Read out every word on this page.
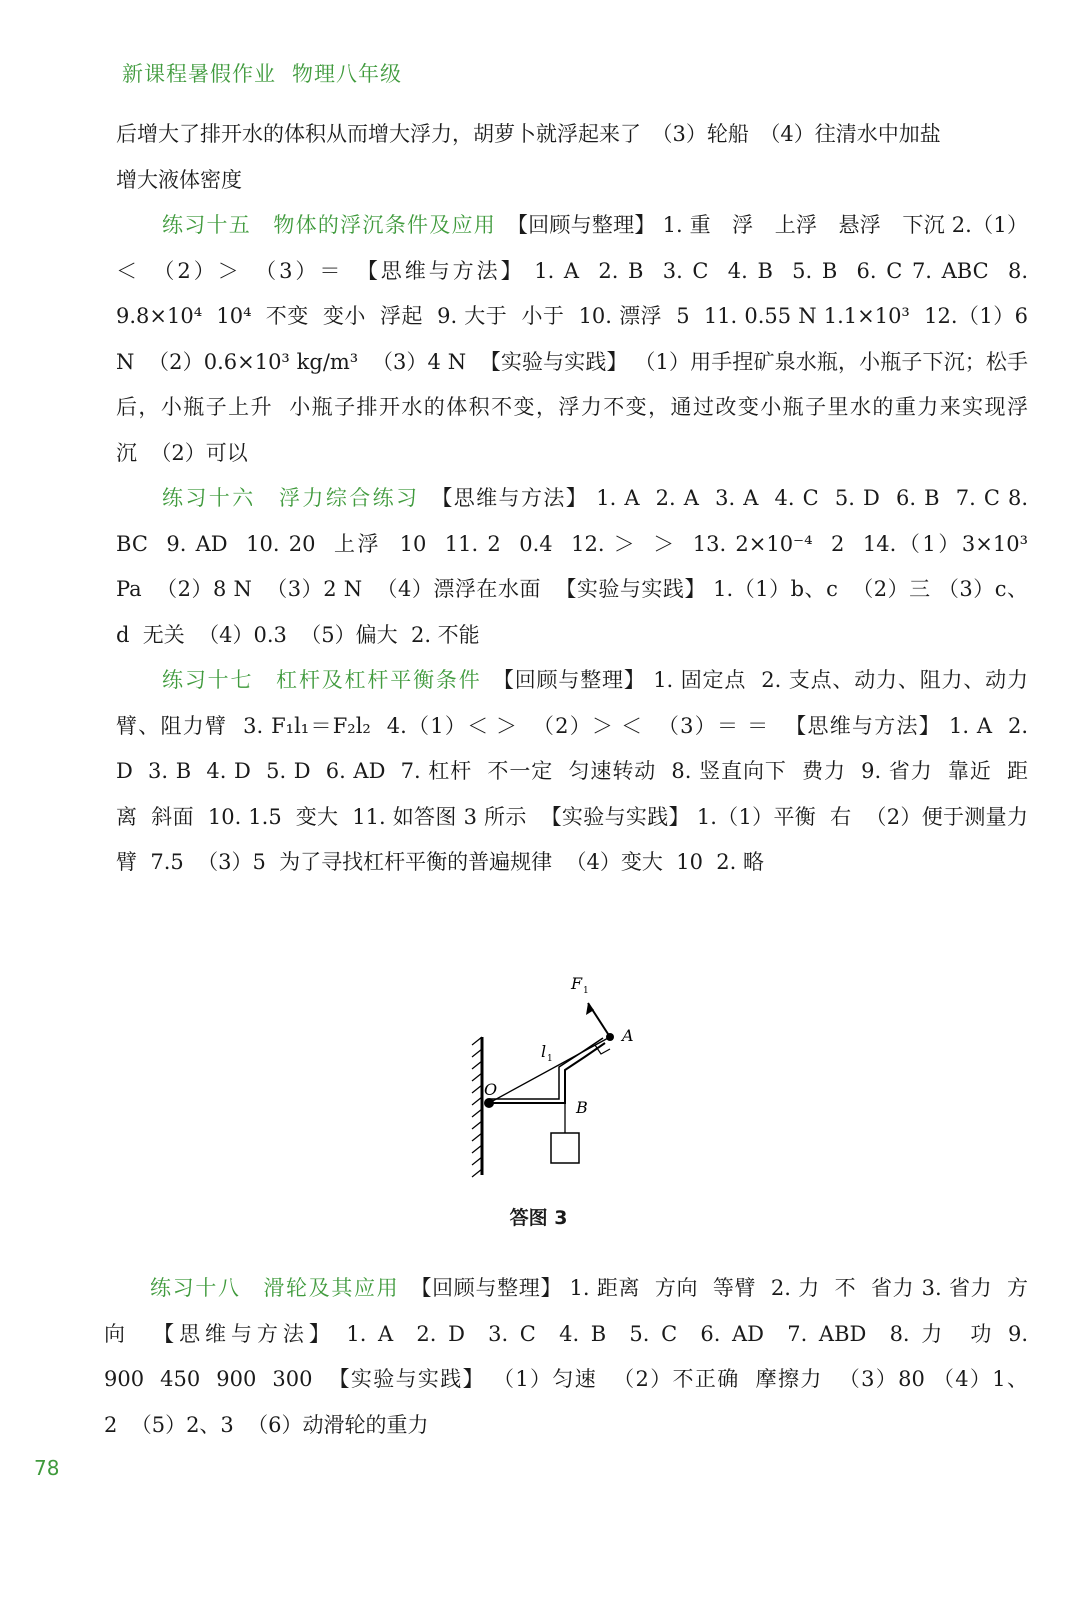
新课程暑假作业 物理八年级

后增大了排开水的体积从而增大浮力，胡萝卜就浮起来了　（3）轮船　（4）往清水中加盐

增大液体密度

练习十五　物体的浮沉条件及应用　【回顾与整理】 1. 重　浮　上浮　悬浮　下沉 2.（1）＜　（2）＞　（3）＝　【思维与方法】 1. A  2. B  3. C  4. B  5. B  6. C 7. ABC  8. 9.8×10⁴  10⁴  不变  变小  浮起  9. 大于  小于  10. 漂浮  5  11. 0.55 N 1.1×10³  12.（1）6 N  （2）0.6×10³ kg/m³  （3）4 N  【实验与实践】 （1）用手捏矿泉水瓶，小瓶子下沉；松手后，小瓶子上升  小瓶子排开水的体积不变，浮力不变，通过改变小瓶子里水的重力来实现浮沉  （2）可以

练习十六　浮力综合练习　【思维与方法】 1. A  2. A  3. A  4. C  5. D  6. B  7. C 8. BC  9. AD  10. 20  上浮  10  11. 2  0.4  12. ＞  ＞  13. 2×10⁻⁴  2  14.（1）3×10³ Pa  （2）8 N  （3）2 N  （4）漂浮在水面  【实验与实践】 1.（1）b、c  （2）三 （3）c、d  无关  （4）0.3  （5）偏大  2. 不能

练习十七　杠杆及杠杆平衡条件　【回顾与整理】 1. 固定点  2. 支点、动力、阻力、动力臂、阻力臂  3. F₁l₁＝F₂l₂  4.（1）＜ ＞  （2）＞ ＜  （3）＝ ＝  【思维与方法】 1. A  2. D  3. B  4. D  5. D  6. AD  7. 杠杆  不一定  匀速转动  8. 竖直向下  费力  9. 省力  靠近  距离  斜面  10. 1.5  变大  11. 如答图 3 所示  【实验与实践】 1.（1）平衡  右  （2）便于测量力臂  7.5  （3）5  为了寻找杠杆平衡的普遍规律  （4）变大  10  2. 略

F 1
l 1
O
A
B
答图 3

练习十八　滑轮及其应用　【回顾与整理】 1. 距离  方向  等臂  2. 力  不  省力 3. 省力  方向  【思维与方法】 1. A  2. D  3. C  4. B  5. C  6. AD  7. ABD  8. 力  功 9. 900  450  900  300  【实验与实践】 （1）匀速  （2）不正确  摩擦力  （3）80 （4）1、2  （5）2、3  （6）动滑轮的重力

78
